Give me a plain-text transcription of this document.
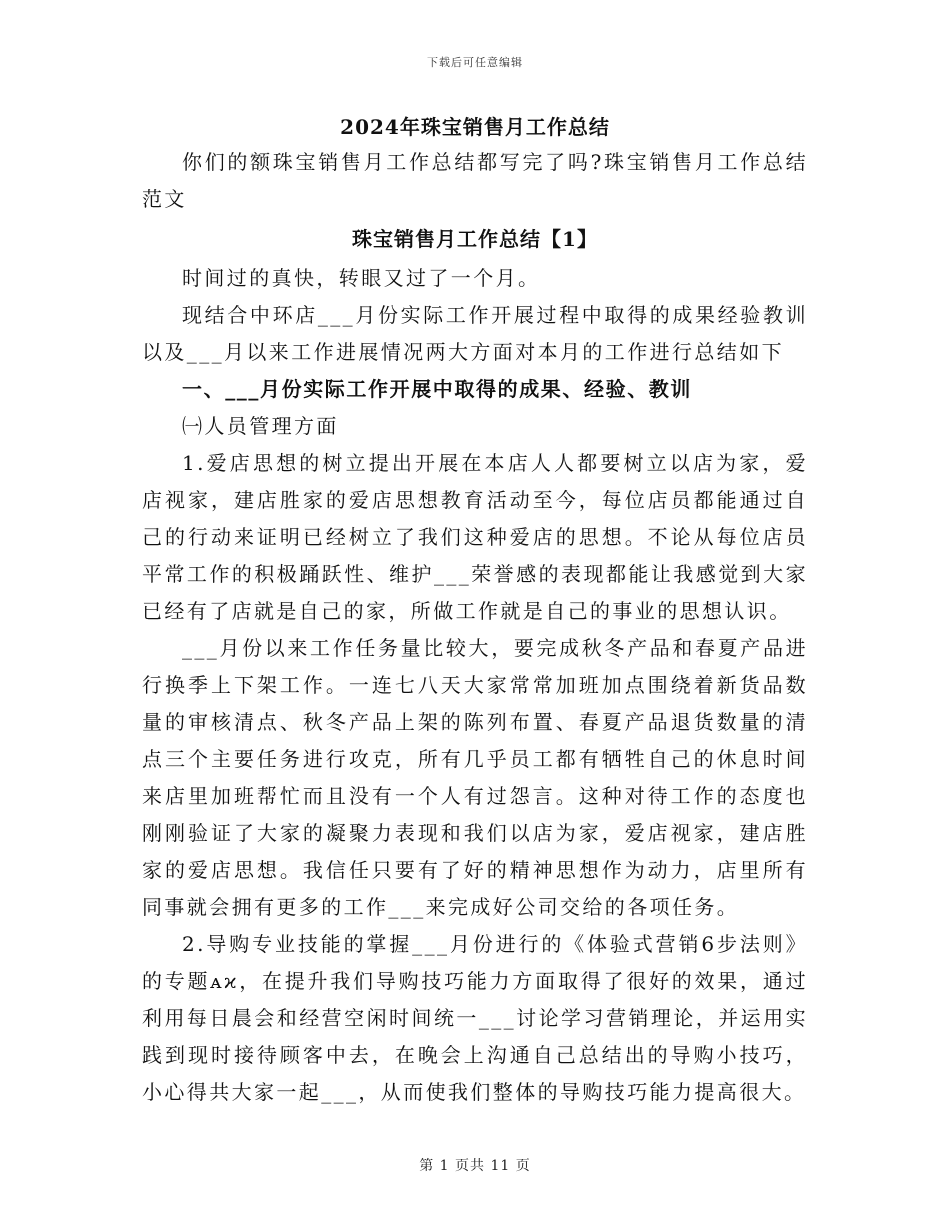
下载后可任意编辑

2024年珠宝销售月工作总结

你们的额珠宝销售月工作总结都写完了吗?珠宝销售月工作总结范文

珠宝销售月工作总结【1】

时间过的真快，转眼又过了一个月。

现结合中环店___月份实际工作开展过程中取得的成果经验教训以及___月以来工作进展情况两大方面对本月的工作进行总结如下

一、___月份实际工作开展中取得的成果、经验、教训

㈠人员管理方面

1.爱店思想的树立提出开展在本店人人都要树立以店为家，爱店视家，建店胜家的爱店思想教育活动至今，每位店员都能通过自己的行动来证明已经树立了我们这种爱店的思想。不论从每位店员平常工作的积极踊跃性、维护___荣誉感的表现都能让我感觉到大家已经有了店就是自己的家，所做工作就是自己的事业的思想认识。

___月份以来工作任务量比较大，要完成秋冬产品和春夏产品进行换季上下架工作。一连七八天大家常常加班加点围绕着新货品数量的审核清点、秋冬产品上架的陈列布置、春夏产品退货数量的清点三个主要任务进行攻克，所有几乎员工都有牺牲自己的休息时间来店里加班帮忙而且没有一个人有过怨言。这种对待工作的态度也刚刚验证了大家的凝聚力表现和我们以店为家，爱店视家，建店胜家的爱店思想。我信任只要有了好的精神思想作为动力，店里所有同事就会拥有更多的工作___来完成好公司交给的各项任务。

2.导购专业技能的掌握___月份进行的《体验式营销6步法则》的专题ᴀϰ，在提升我们导购技巧能力方面取得了很好的效果，通过利用每日晨会和经营空闲时间统一___讨论学习营销理论，并运用实践到现时接待顾客中去，在晚会上沟通自己总结出的导购小技巧，小心得共大家一起___，从而使我们整体的导购技巧能力提高很大。

第 1 页共 11 页
